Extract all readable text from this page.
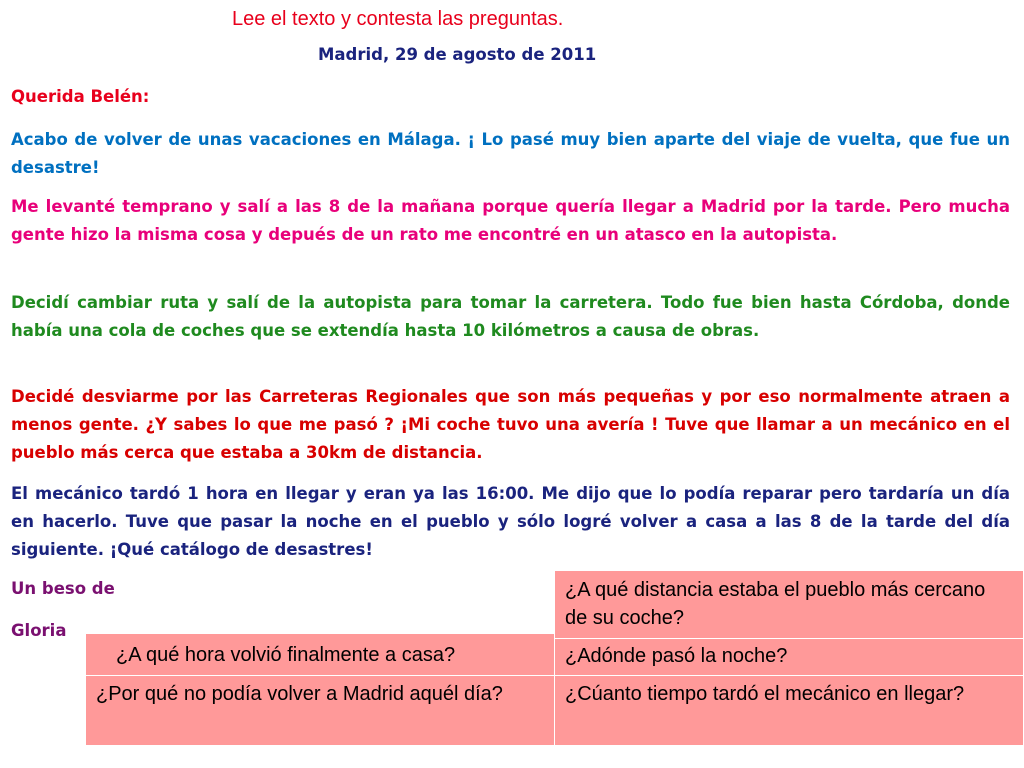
Lee el texto y contesta las preguntas.
Madrid, 29 de agosto de 2011
Querida Belén:
Acabo de volver de unas vacaciones en Málaga. ¡ Lo pasé muy bien aparte del viaje de vuelta, que fue un desastre!
Me levanté temprano y salí a las 8 de la mañana porque quería llegar a Madrid por la tarde. Pero mucha gente hizo la misma cosa y depués de un rato me encontré en un atasco en la autopista.
Decidí cambiar ruta y salí de la autopista para tomar la carretera. Todo fue bien hasta Córdoba, donde había una cola de coches que se extendía hasta 10 kilómetros a causa de obras.
Decidé desviarme por las Carreteras Regionales que son más pequeñas y por eso normalmente atraen a menos gente. ¿Y sabes lo que me pasó ? ¡Mi coche tuvo una avería ! Tuve que llamar a un mecánico en el pueblo más cerca que estaba a 30km de distancia.
El mecánico tardó 1 hora en llegar y eran ya las 16:00. Me dijo que lo podía reparar pero tardaría un día en hacerlo. Tuve que pasar la noche en el pueblo y sólo logré volver a casa a las 8 de la tarde del día siguiente. ¡Qué catálogo de desastres!
Un beso de
Gloria
¿A qué distancia estaba el pueblo más cercano de su coche?
¿Adónde pasó la noche?
¿Cúanto tiempo tardó el mecánico en llegar?
¿A qué hora volvió finalmente a casa?
¿Por qué no podía volver a Madrid aquél día?
